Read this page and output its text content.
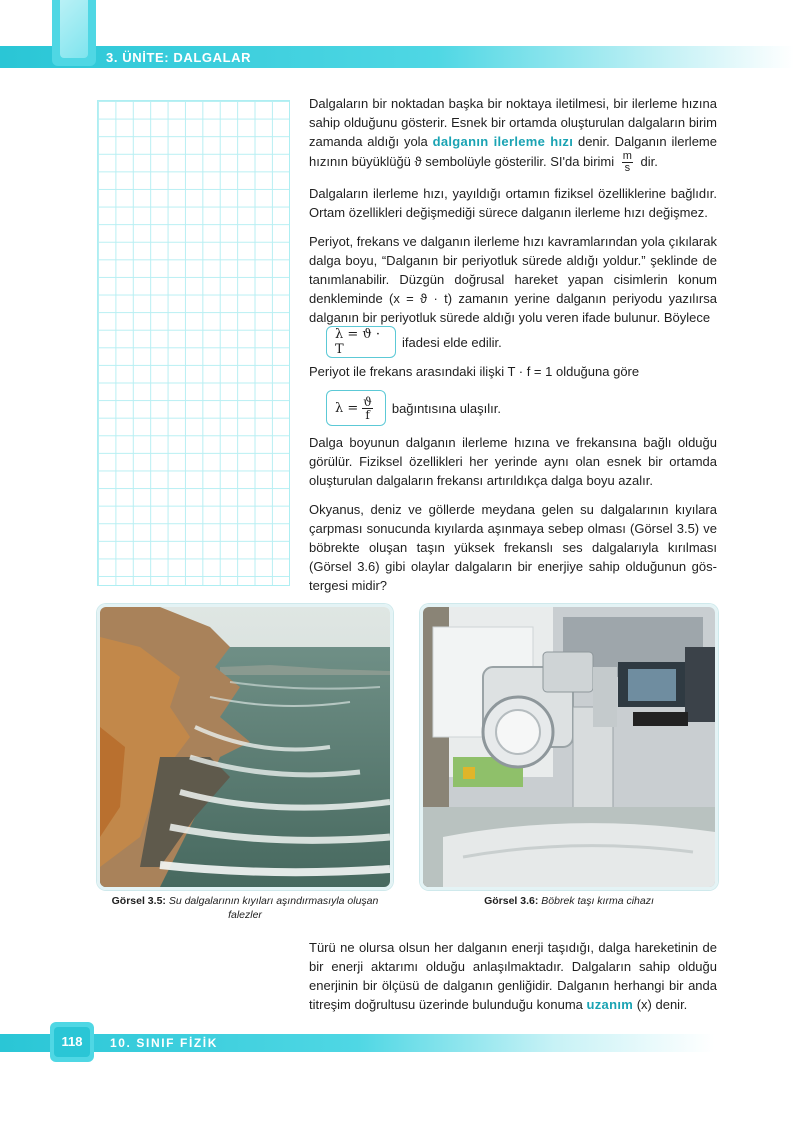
3. ÜNİTE: DALGALAR

Dalgaların bir noktadan başka bir noktaya iletilmesi, bir ilerleme hızına sahip olduğunu gösterir. Esnek bir ortamda oluşturulan dalgaların birim zamanda aldığı yola dalganın ilerleme hızı denir. Dalganın ilerleme hızının büyüklüğü ϑ sembolüyle gösterilir. SI'da birimi $\frac{m}{s}$ dir.

Dalgaların ilerleme hızı, yayıldığı ortamın fiziksel özelliklerine bağlıdır. Ortam özellikleri değişmediği sürece dalganın ilerleme hızı değişmez.

Periyot, frekans ve dalganın ilerleme hızı kavramlarından yola çıkılarak dalga boyu, “Dalganın bir periyotluk sürede aldığı yoldur.” şeklinde de tanımlanabilir. Düzgün doğrusal hareket yapan cisimlerin konum denkleminde (x = ϑ · t) zamanın yerine dalganın periyodu yazılırsa dalganın bir periyotluk sürede aldığı yolu veren ifade bulunur. Böylece

λ = ϑ · T	ifadesi elde edilir.

Periyot ile frekans arasındaki ilişki T · f = 1 olduğuna göre

$\lambda = \frac{ϑ}{f}$ bağıntısına ulaşılır.

Dalga boyunun dalganın ilerleme hızına ve frekansına bağlı olduğu görülür. Fiziksel özellikleri her yerinde aynı olan esnek bir ortamda oluşturulan dalgaların frekansı artırıldıkça dalga boyu azalır.

Okyanus, deniz ve göllerde meydana gelen su dalgalarının kıyılara çarpması sonucunda kıyılarda aşınmaya sebep olması (Görsel 3.5) ve böbrekte oluşan taşın yüksek frekanslı ses dalgalarıyla kırılması (Görsel 3.6) gibi olaylar dalgaların bir enerjiye sahip olduğunun göstergesi midir?

Görsel 3.5: Su dalgalarının kıyıları aşındırmasıyla oluşan falezler
Görsel 3.6: Böbrek taşı kırma cihazı

Türü ne olursa olsun her dalganın enerji taşıdığı, dalga hareketinin de bir enerji aktarımı olduğu anlaşılmaktadır. Dalgaların sahip olduğu enerjinin bir ölçüsü de dalganın genliğidir. Dalganın herhangi bir anda titreşim doğrultusu üzerinde bulunduğu konuma uzanım (x) denir.

118	10. SINIF FİZİK
